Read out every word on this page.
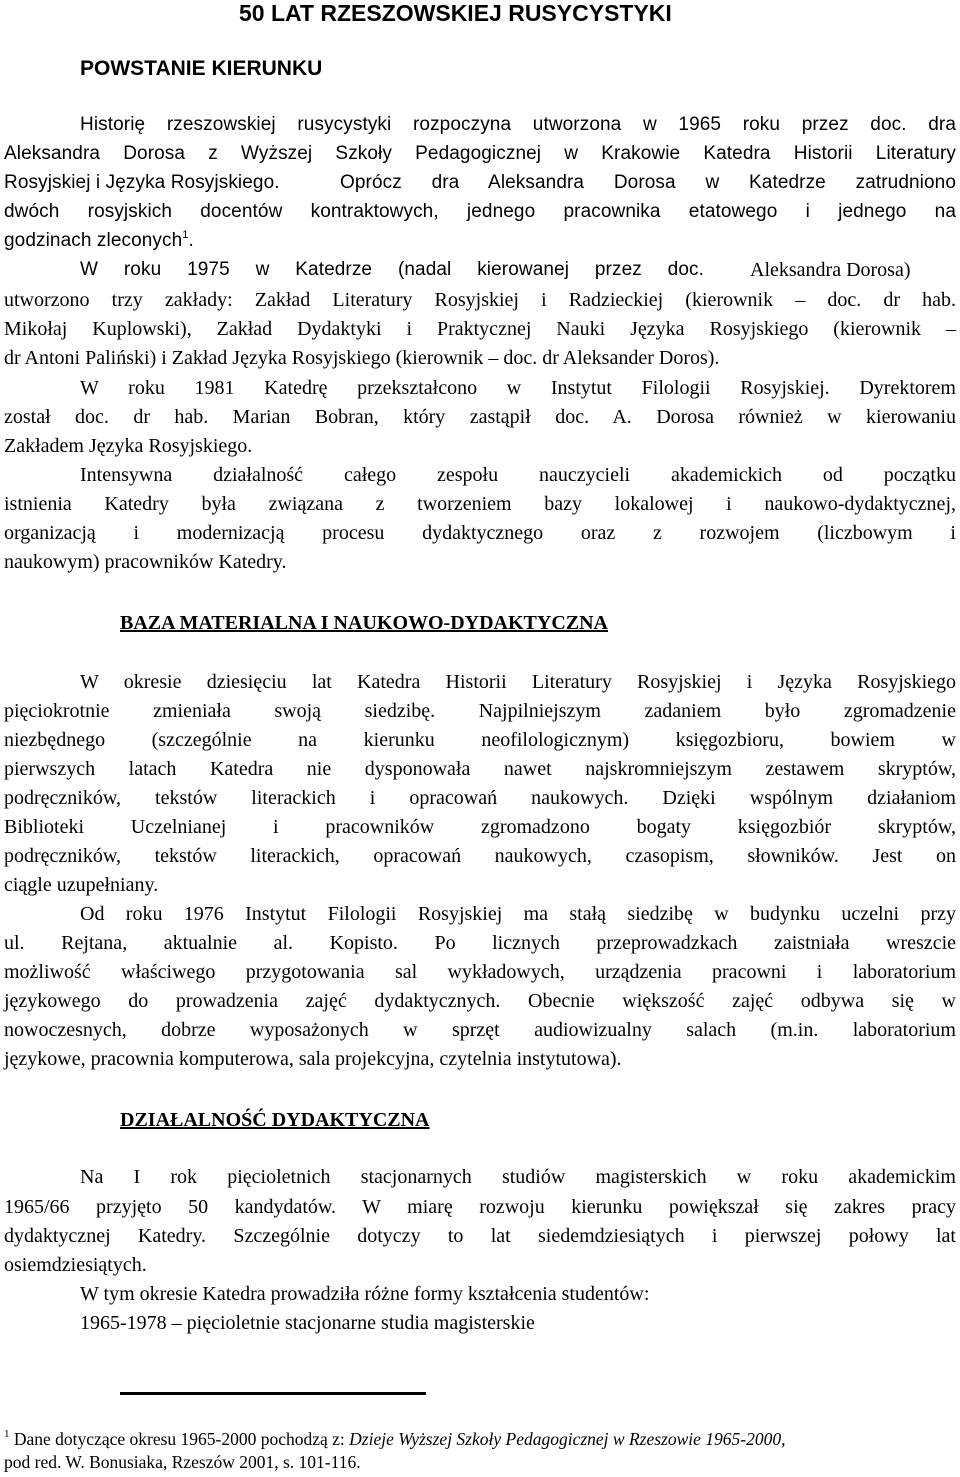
50 LAT RZESZOWSKIEJ RUSYCYSTYKI
POWSTANIE KIERUNKU
Historię rzeszowskiej rusycystyki rozpoczyna utworzona w 1965 roku przez doc. dra
Aleksandra Dorosa z Wyższej Szkoły Pedagogicznej w Krakowie Katedra Historii Literatury
Rosyjskiej i Języka Rosyjskiego.	Oprócz dra Aleksandra Dorosa w Katedrze zatrudniono
dwóch rosyjskich docentów kontraktowych, jednego pracownika etatowego i jednego na
godzinach zleconych$^1$.
W roku 1975 w Katedrze (nadal kierowanej przez doc. Aleksandra Dorosa)
utworzono trzy zakłady: Zakład Literatury Rosyjskiej i Radzieckiej (kierownik – doc. dr hab.
Mikołaj Kuplowski), Zakład Dydaktyki i Praktycznej Nauki Języka Rosyjskiego (kierownik –
dr Antoni Paliński) i Zakład Języka Rosyjskiego (kierownik – doc. dr Aleksander Doros).
W roku 1981 Katedrę przekształcono w Instytut Filologii Rosyjskiej. Dyrektorem
został doc. dr hab. Marian Bobran, który zastąpił doc. A. Dorosa również w kierowaniu
Zakładem Języka Rosyjskiego.
Intensywna działalność całego zespołu nauczycieli akademickich od początku
istnienia Katedry była związana z tworzeniem bazy lokalowej i naukowo-dydaktycznej,
organizacją i modernizacją procesu dydaktycznego oraz z rozwojem (liczbowym i
naukowym) pracowników Katedry.
BAZA MATERIALNA I NAUKOWO-DYDAKTYCZNA
W okresie dziesięciu lat Katedra Historii Literatury Rosyjskiej i Języka Rosyjskiego
pięciokrotnie zmieniała swoją siedzibę. Najpilniejszym zadaniem było zgromadzenie
niezbędnego (szczególnie na kierunku neofilologicznym) księgozbioru, bowiem w
pierwszych latach Katedra nie dysponowała nawet najskromniejszym zestawem skryptów,
podręczników, tekstów literackich i opracowań naukowych. Dzięki wspólnym działaniom
Biblioteki Uczelnianej i pracowników zgromadzono bogaty księgozbiór skryptów,
podręczników, tekstów literackich, opracowań naukowych, czasopism, słowników. Jest on
ciągle uzupełniany.
Od roku 1976 Instytut Filologii Rosyjskiej ma stałą siedzibę w budynku uczelni przy
ul. Rejtana, aktualnie al. Kopisto. Po licznych przeprowadzkach zaistniała wreszcie
możliwość właściwego przygotowania sal wykładowych, urządzenia pracowni i laboratorium
językowego do prowadzenia zajęć dydaktycznych. Obecnie większość zajęć odbywa się w
nowoczesnych, dobrze wyposażonych w sprzęt audiowizualny salach (m.in. laboratorium
językowe, pracownia komputerowa, sala projekcyjna, czytelnia instytutowa).
DZIAŁALNOŚĆ DYDAKTYCZNA
Na I rok pięcioletnich stacjonarnych studiów magisterskich w roku akademickim
1965/66 przyjęto 50 kandydatów. W miarę rozwoju kierunku powiększał się zakres pracy
dydaktycznej Katedry. Szczególnie dotyczy to lat siedemdziesiątych i pierwszej połowy lat
osiemdziesiątych.
W tym okresie Katedra prowadziła różne formy kształcenia studentów:
1965-1978 – pięcioletnie stacjonarne studia magisterskie
$^1$ Dane dotyczące okresu 1965-2000 pochodzą z: Dzieje Wyższej Szkoły Pedagogicznej w Rzeszowie 1965-2000,
pod red. W. Bonusiaka, Rzeszów 2001, s. 101-116.
